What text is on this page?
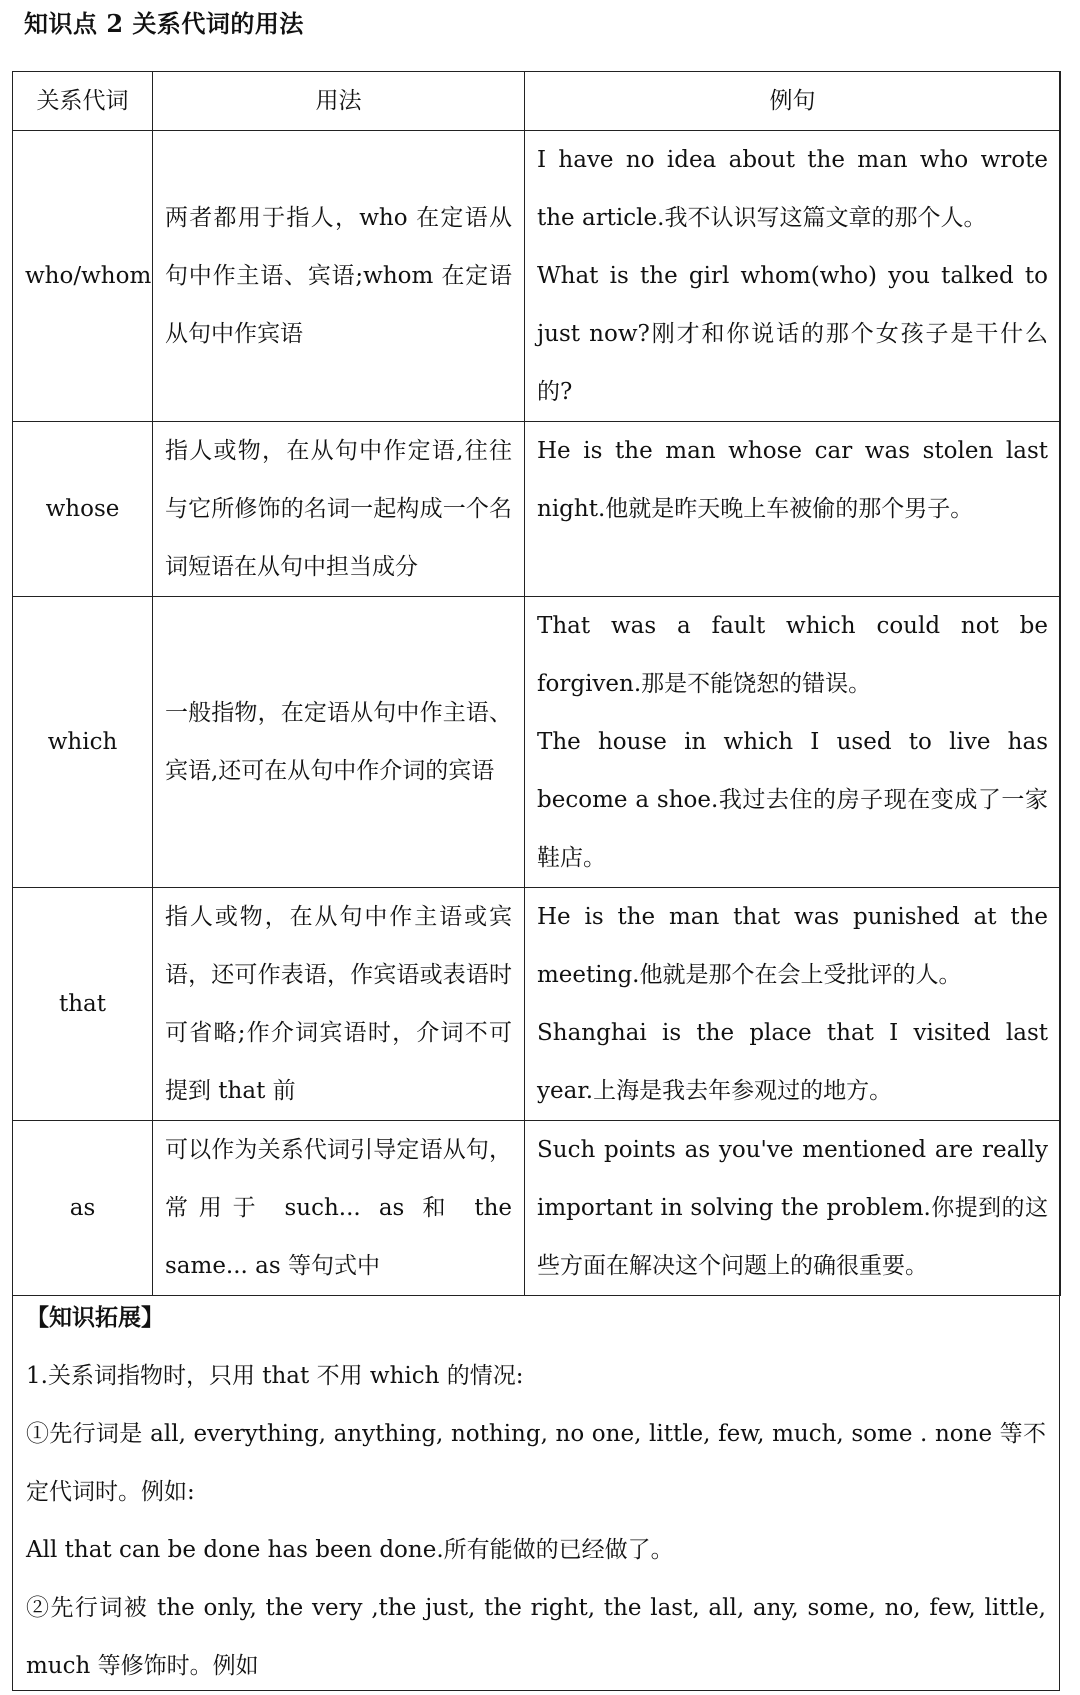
知识点 2 关系代词的用法
关系代词	用法	例句
who/whom	两者都用于指人，who 在定语从句中作主语、宾语;whom 在定语从句中作宾语	I have no idea about the man who wrote the article.我不认识写这篇文章的那个人。
What is the girl whom(who) you talked to just now?刚才和你说话的那个女孩子是干什么的?

whose	指人或物，在从句中作定语,往往与它所修饰的名词一起构成一个名词短语在从句中担当成分	He is the man whose car was stolen last night.他就是昨天晚上车被偷的那个男子。

which	一般指物，在定语从句中作主语、宾语,还可在从句中作介词的宾语	That was a fault which could not be forgiven.那是不能饶恕的错误。
The house in which I used to live has become a shoe.我过去住的房子现在变成了一家鞋店。

that	指人或物，在从句中作主语或宾语，还可作表语，作宾语或表语时可省略;作介词宾语时，介词不可提到 that 前	He is the man that was punished at the meeting.他就是那个在会上受批评的人。
Shanghai is the place that I visited last year.上海是我去年参观过的地方。

as	可以作为关系代词引导定语从句，常用于 such... as 和 the same... as 等句式中	Such points as you've mentioned are really important in solving the problem.你提到的这些方面在解决这个问题上的确很重要。

【知识拓展】

1.关系词指物时，只用 that 不用 which 的情况:

①先行词是 all, everything, anything, nothing, no one, little, few, much, some . none 等不定代词时。例如:

All that can be done has been done.所有能做的已经做了。

②先行词被 the only, the very ,the just, the right, the last, all, any, some, no, few, little, much 等修饰时。例如
